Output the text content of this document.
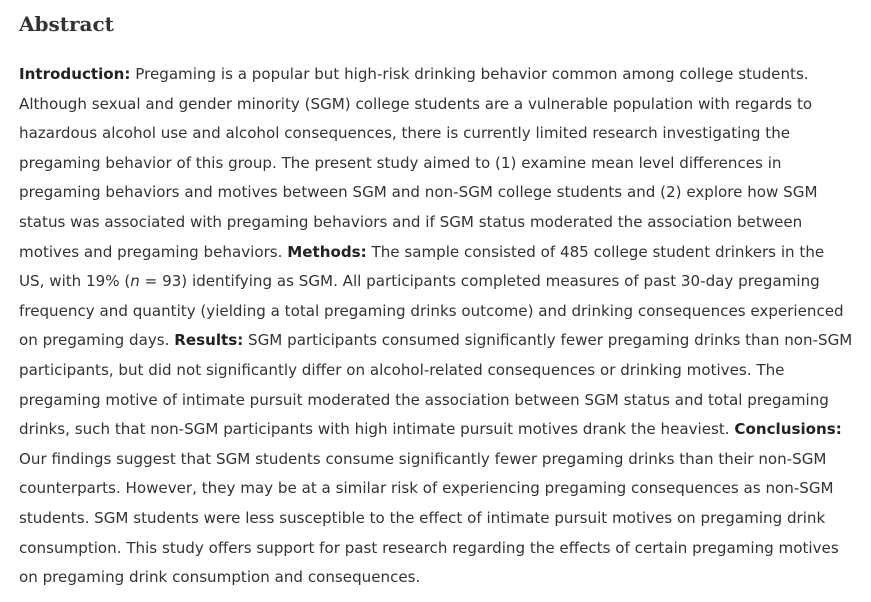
Abstract

Introduction: Pregaming is a popular but high-risk drinking behavior common among college students. Although sexual and gender minority (SGM) college students are a vulnerable population with regards to hazardous alcohol use and alcohol consequences, there is currently limited research investigating the pregaming behavior of this group. The present study aimed to (1) examine mean level differences in pregaming behaviors and motives between SGM and non-SGM college students and (2) explore how SGM status was associated with pregaming behaviors and if SGM status moderated the association between motives and pregaming behaviors. Methods: The sample consisted of 485 college student drinkers in the US, with 19% (n = 93) identifying as SGM. All participants completed measures of past 30-day pregaming frequency and quantity (yielding a total pregaming drinks outcome) and drinking consequences experienced on pregaming days. Results: SGM participants consumed significantly fewer pregaming drinks than non-SGM participants, but did not significantly differ on alcohol-related consequences or drinking motives. The pregaming motive of intimate pursuit moderated the association between SGM status and total pregaming drinks, such that non-SGM participants with high intimate pursuit motives drank the heaviest. Conclusions: Our findings suggest that SGM students consume significantly fewer pregaming drinks than their non-SGM counterparts. However, they may be at a similar risk of experiencing pregaming consequences as non-SGM students. SGM students were less susceptible to the effect of intimate pursuit motives on pregaming drink consumption. This study offers support for past research regarding the effects of certain pregaming motives on pregaming drink consumption and consequences.
